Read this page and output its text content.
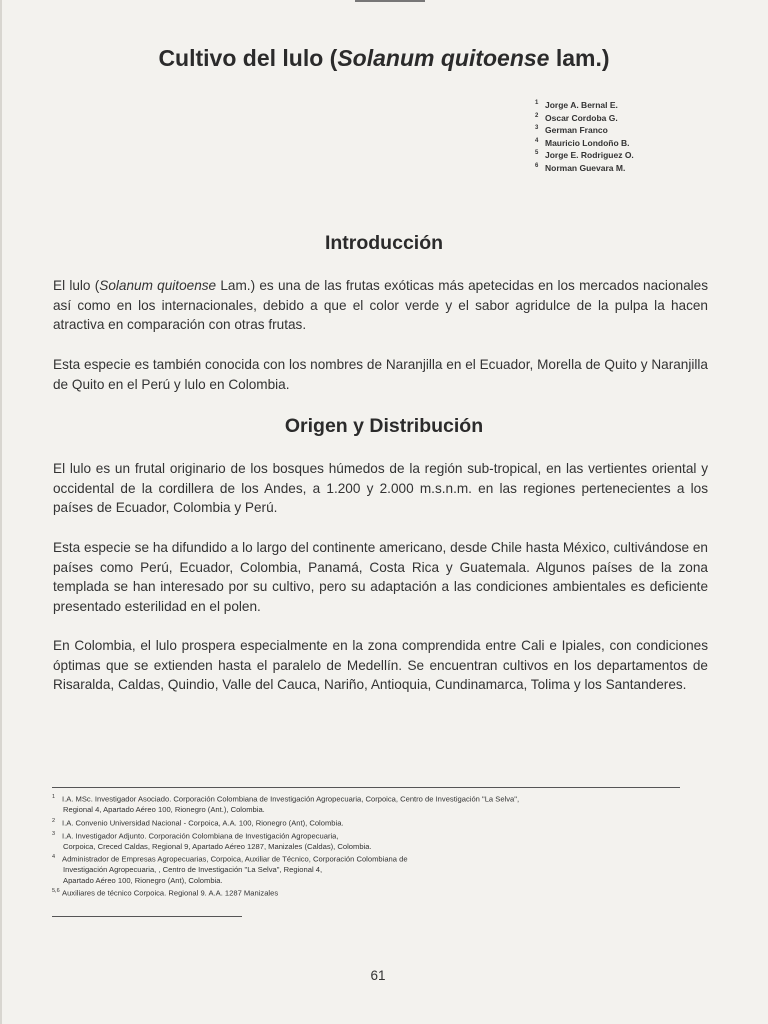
Cultivo del lulo (Solanum quitoense lam.)
$^1$ Jorge A. Bernal E.
$^2$ Oscar Cordoba G.
$^3$ German Franco
$^4$ Mauricio Londoño B.
$^5$ Jorge E. Rodriguez O.
$^6$ Norman Guevara M.
Introducción

El lulo (Solanum quitoense Lam.) es una de las frutas exóticas más apetecidas en los mercados nacionales así como en los internacionales, debido a que el color verde y el sabor agridulce de la pulpa la hacen atractiva en comparación con otras frutas.

Esta especie es también conocida con los nombres de Naranjilla en el Ecuador, Morella de Quito y Naranjilla de Quito en el Perú y lulo en Colombia.

Origen y Distribución

El lulo es un frutal originario de los bosques húmedos de la región sub-tropical, en las vertientes oriental y occidental de la cordillera de los Andes, a 1.200 y 2.000 m.s.n.m. en las regiones pertenecientes a los países de Ecuador, Colombia y Perú.

Esta especie se ha difundido a lo largo del continente americano, desde Chile hasta México, cultivándose en países como Perú, Ecuador, Colombia, Panamá, Costa Rica y Guatemala. Algunos países de la zona templada se han interesado por su cultivo, pero su adaptación a las condiciones ambientales es deficiente presentado esterilidad en el polen.

En Colombia, el lulo prospera especialmente en la zona comprendida entre Cali e Ipiales, con condiciones óptimas que se extienden hasta el paralelo de Medellín. Se encuentran cultivos en los departamentos de Risaralda, Caldas, Quindio, Valle del Cauca, Nariño, Antioquia, Cundinamarca, Tolima y los Santanderes.

$^1$ I.A. MSc. Investigador Asociado. Corporación Colombiana de Investigación Agropecuaria, Corpoica, Centro de Investigación "La Selva",
Regional 4, Apartado Aéreo 100, Rionegro (Ant.), Colombia.

$^2$ I.A. Convenio Universidad Nacional - Corpoica, A.A. 100, Rionegro (Ant), Colombia.

$^3$ I.A. Investigador Adjunto. Corporación Colombiana de Investigación Agropecuaria,
Corpoica, Creced Caldas, Regional 9, Apartado Aéreo 1287, Manizales (Caldas), Colombia.

$^4$ Administrador de Empresas Agropecuarias, Corpoica, Auxiliar de Técnico, Corporación Colombiana de
Investigación Agropecuaria, , Centro de Investigación "La Selva", Regional 4,
Apartado Aéreo 100, Rionegro (Ant), Colombia.

$^{5,6}$ Auxiliares de técnico Corpoica. Regional 9. A.A. 1287 Manizales

61
